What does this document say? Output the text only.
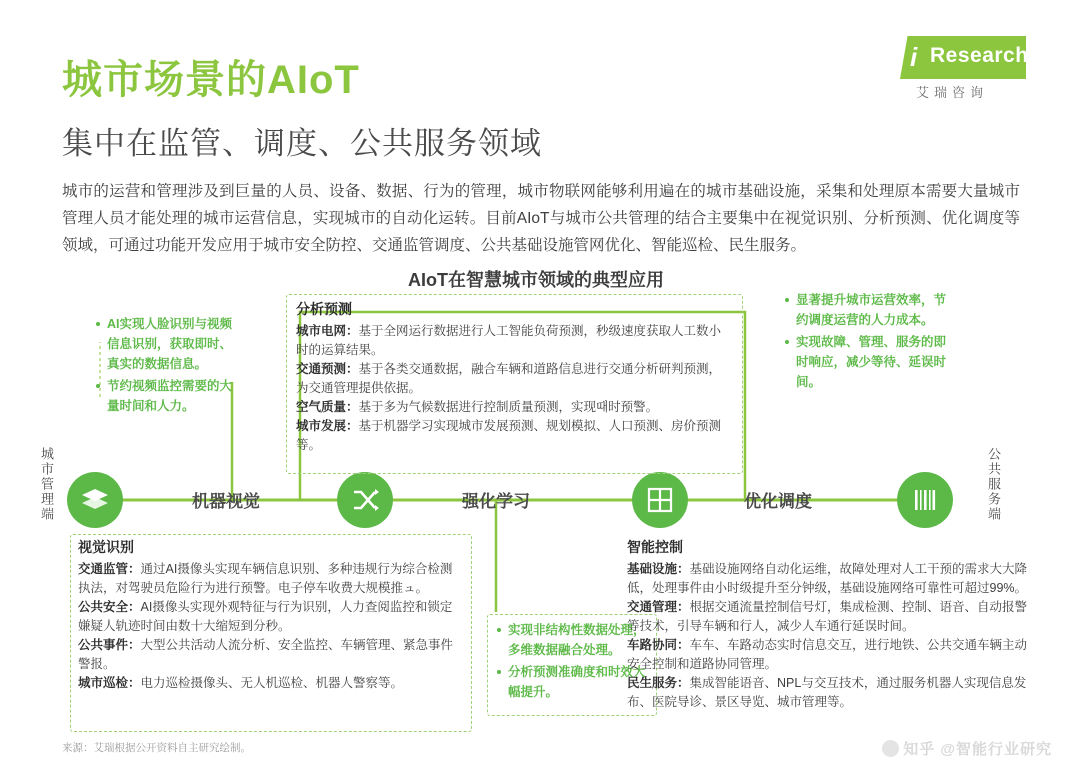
城市场景的AIoT
集中在监管、调度、公共服务领域
城市的运营和管理涉及到巨量的人员、设备、数据、行为的管理，城市物联网能够利用遍在的城市基础设施，采集和处理原本需要大量城市管理人员才能处理的城市运营信息，实现城市的自动化运转。目前AIoT与城市公共管理的结合主要集中在视觉识别、分析预测、优化调度等领域，可通过功能开发应用于城市安全防控、交通监管调度、公共基础设施管网优化、智能巡检、民生服务。
i Research
艾瑞咨询
AIoT在智慧城市领域的典型应用
机器视觉	强化学习	优化调度
城市管理端	公共服务端
AI实现人脸识别与视频信息识别，获取即时、真实的数据信息。
节约视频监控需要的大量时间和人力。
实现非结构性数据处理，多维数据融合处理。
分析预测准确度和时效大幅提升。
显著提升城市运营效率，节约调度运营的人力成本。
实现故障、管理、服务的即时响应，减少等待、延误时间。
分析预测
城市电网：基于全网运行数据进行人工智能负荷预测，秒级速度获取人工数小时的运算结果。
交通预测：基于各类交通数据，融合车辆和道路信息进行交通分析研判预测，为交通管理提供依据。
空气质量：基于多为气候数据进行控制质量预测，实现때时预警。
城市发展：基于机器学习实现城市发展预测、规划模拟、人口预测、房价预测等。
视觉识别
交通监管：通过AI摄像头实现车辆信息识别、多种违规行为综合检测执法，对驾驶员危险行为进行预警。电子停车收费大规模推ュ。
公共安全：AI摄像头实现外观特征与行为识别，人力查阅监控和锁定嫌疑人轨迹时间由数十大缩短到分秒。
公共事件：大型公共活动人流分析、安全监控、车辆管理、紧急事件警报。
城市巡检：电力巡检摄像头、无人机巡检、机器人警察等。
智能控制
基础设施：基础设施网络自动化运维，故障处理对人工干预的需求大大降低，处理事件由小时级提升至分钟级，基础设施网络可靠性可超过99%。
交通管理：根据交通流量控制信号灯，集成检测、控制、语音、自动报警等技术，引导车辆和行人，减少人车通行延误时间。
车路协同：车车、车路动态实时信息交互，进行地铁、公共交通车辆主动安全控制和道路协同管理。
民生服务：集成智能语音、NPL与交互技术，通过服务机器人实现信息发布、医院导诊、景区导览、城市管理等。
来源：艾瑞根据公开资料自主研究绘制。	知乎 @智能行业研究
